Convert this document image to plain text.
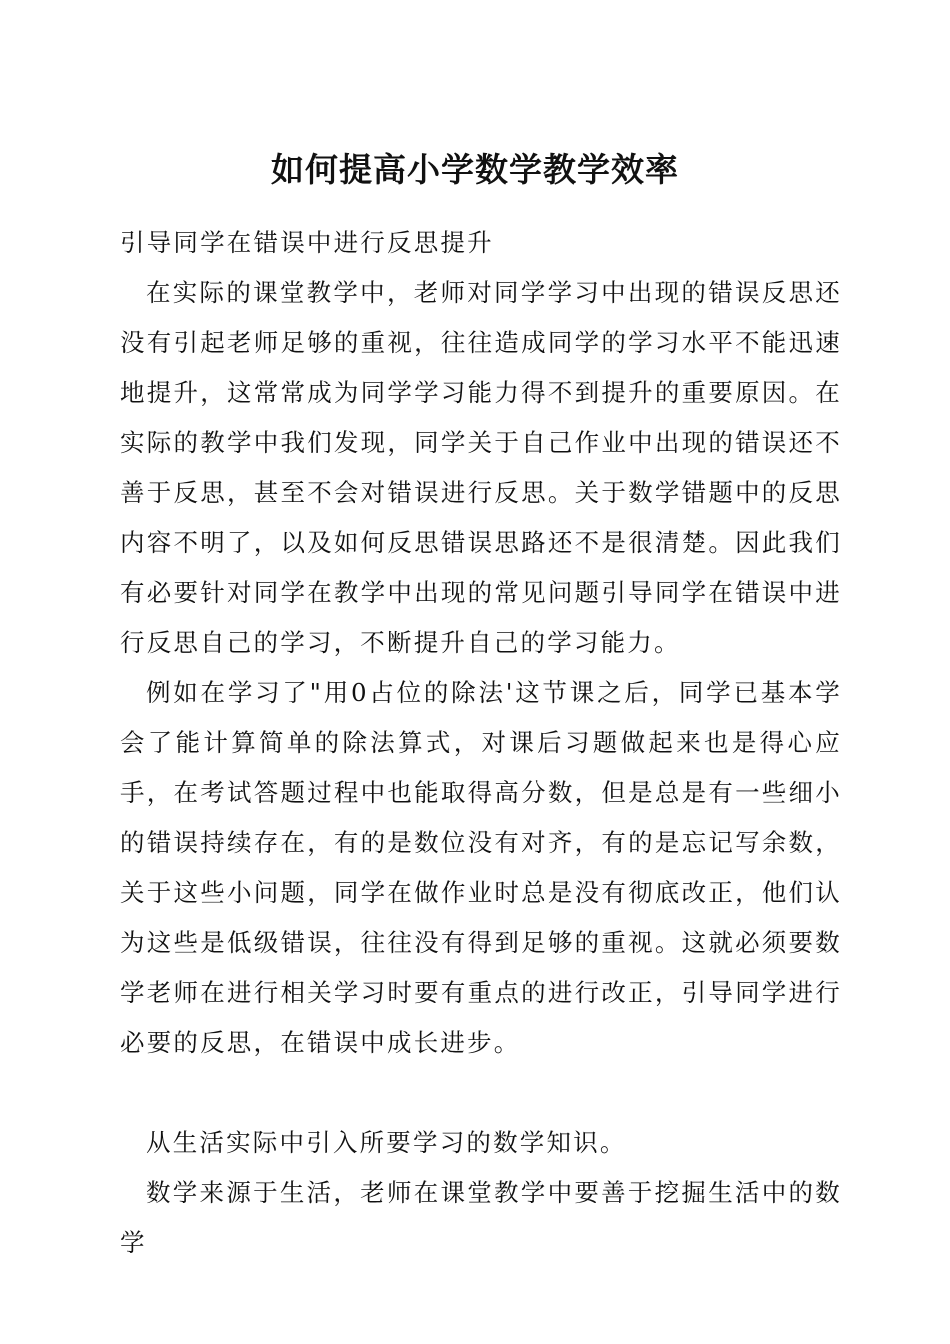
如何提高小学数学教学效率

引导同学在错误中进行反思提升

在实际的课堂教学中，老师对同学学习中出现的错误反思还没有引起老师足够的重视，往往造成同学的学习水平不能迅速地提升，这常常成为同学学习能力得不到提升的重要原因。在实际的教学中我们发现，同学关于自己作业中出现的错误还不善于反思，甚至不会对错误进行反思。关于数学错题中的反思内容不明了，以及如何反思错误思路还不是很清楚。因此我们有必要针对同学在教学中出现的常见问题引导同学在错误中进行反思自己的学习，不断提升自己的学习能力。

例如在学习了"用0占位的除法'这节课之后，同学已基本学会了能计算简单的除法算式，对课后习题做起来也是得心应手，在考试答题过程中也能取得高分数，但是总是有一些细小的错误持续存在，有的是数位没有对齐，有的是忘记写余数，关于这些小问题，同学在做作业时总是没有彻底改正，他们认为这些是低级错误，往往没有得到足够的重视。这就必须要数学老师在进行相关学习时要有重点的进行改正，引导同学进行必要的反思，在错误中成长进步。

从生活实际中引入所要学习的数学知识。

数学来源于生活，老师在课堂教学中要善于挖掘生活中的数学
